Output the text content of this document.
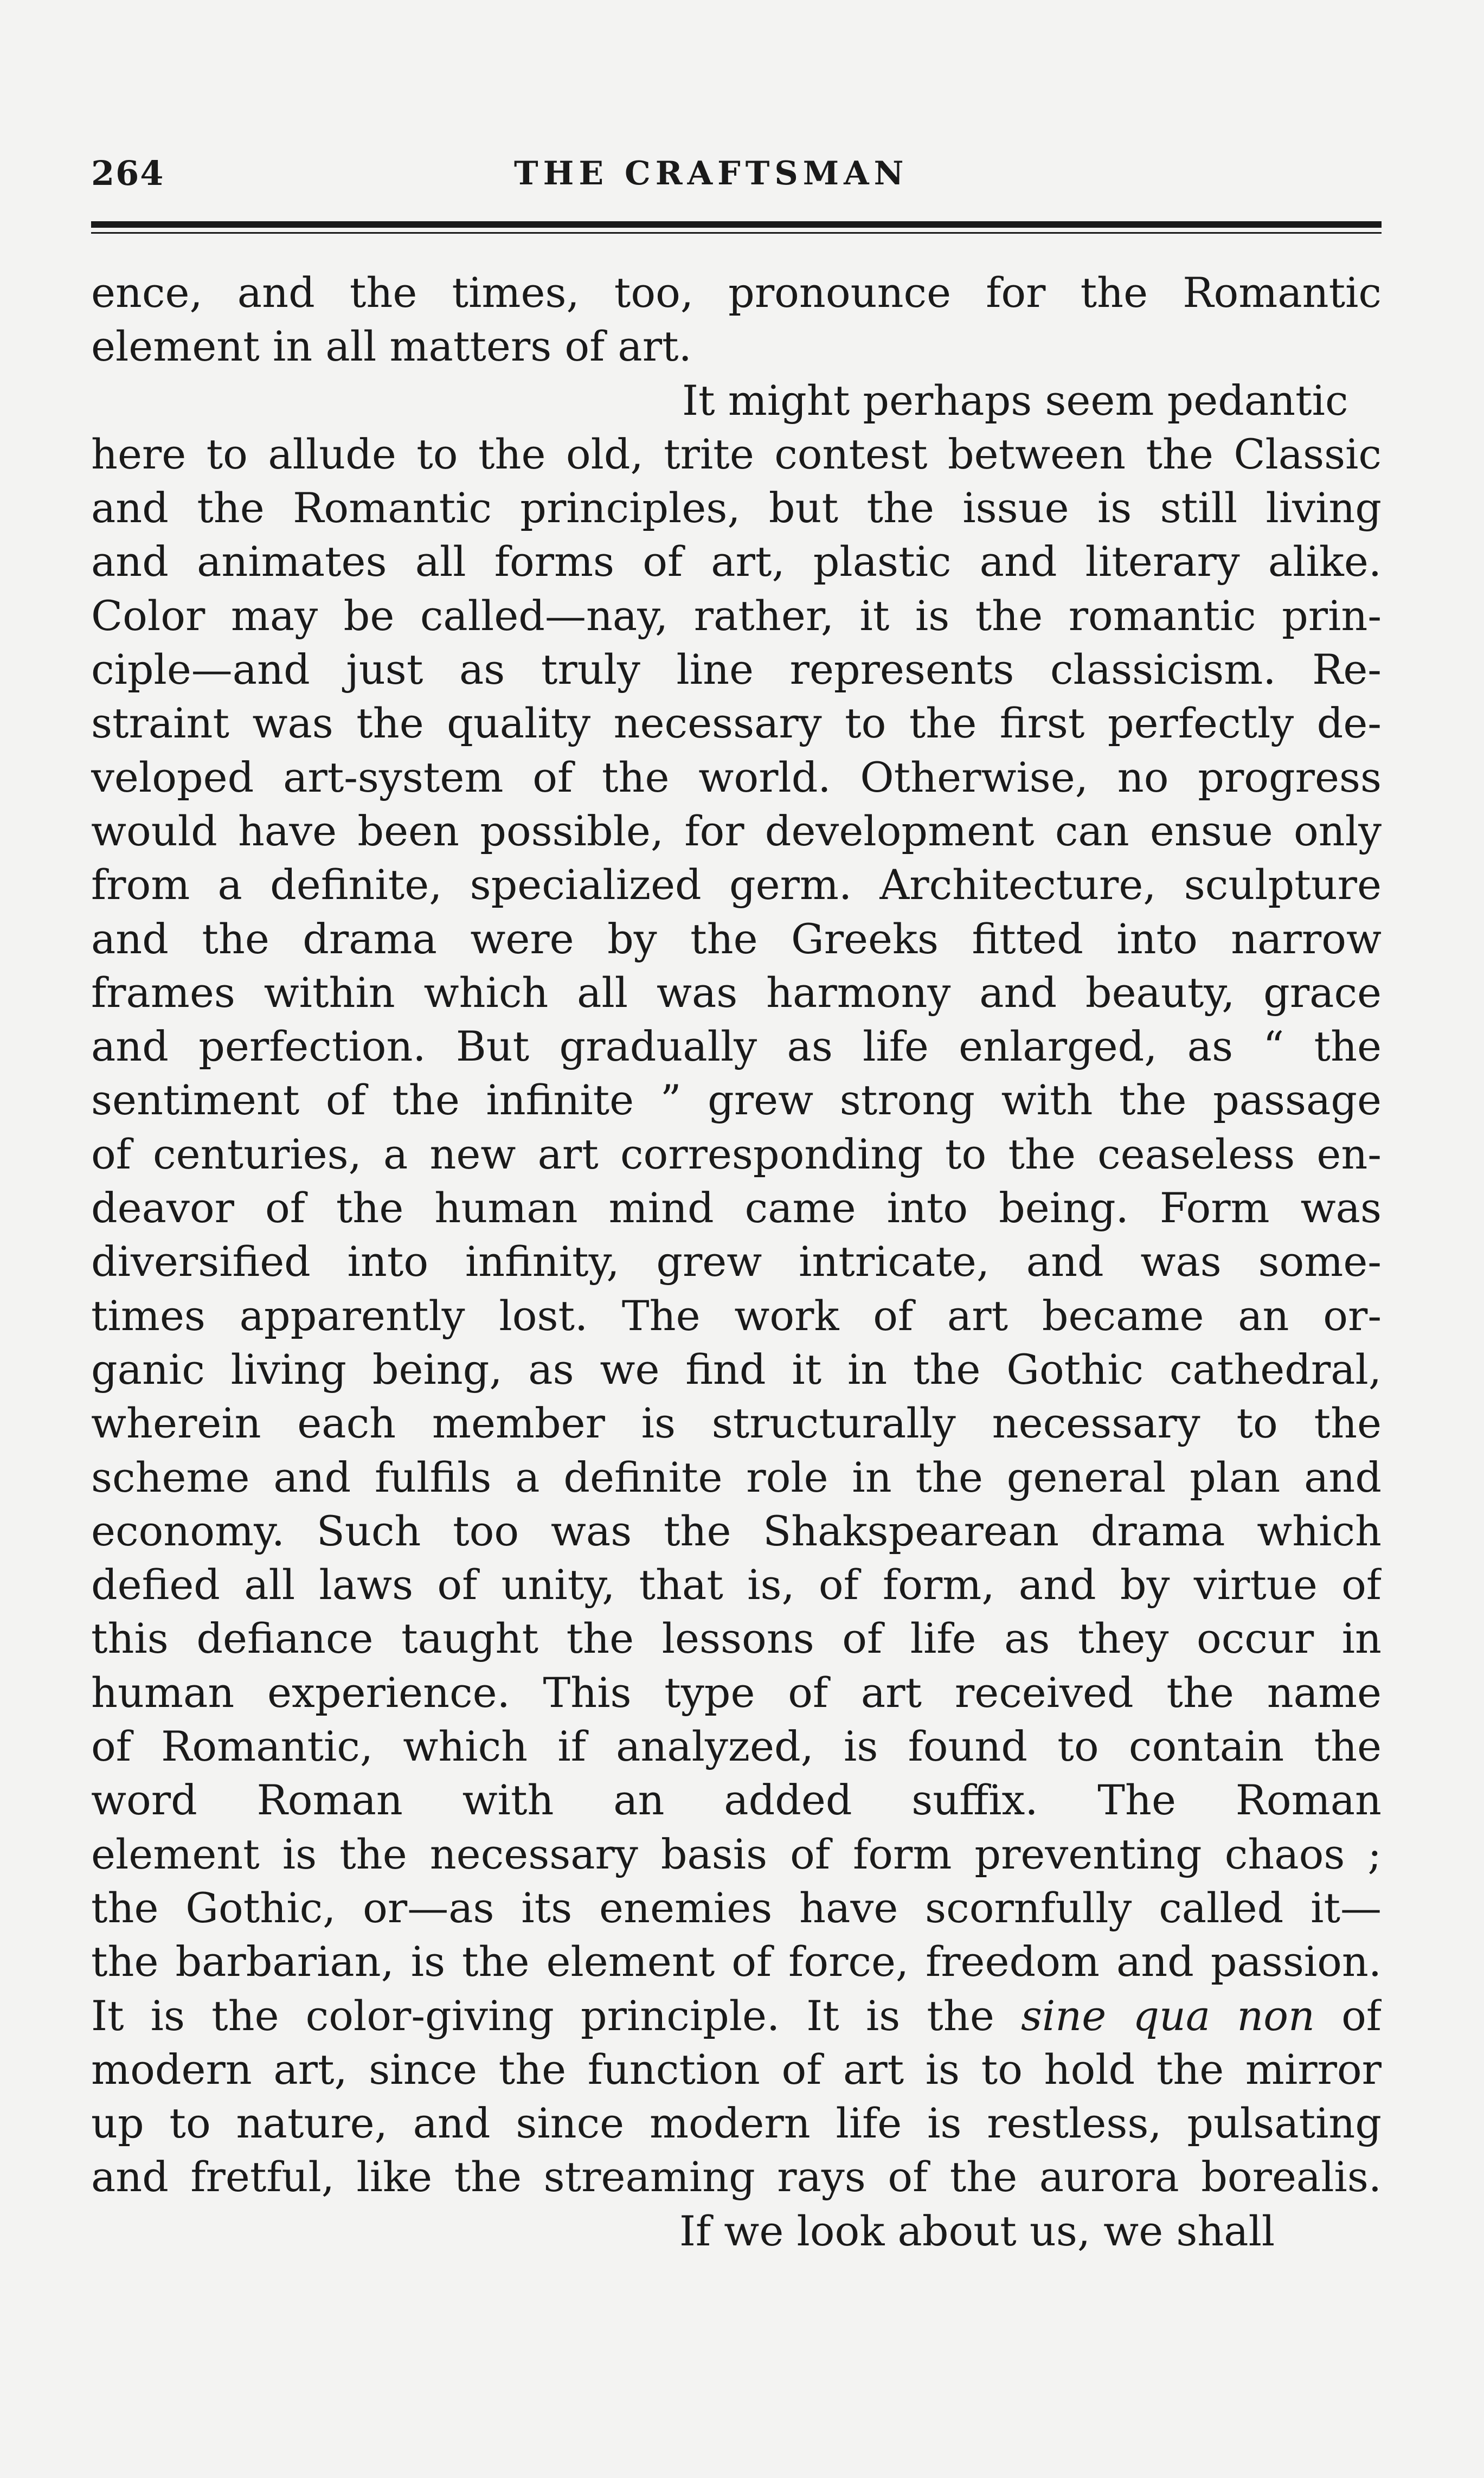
264	THE CRAFTSMAN
ence, and the times, too, pronounce for the Romantic
element in all matters of art.
It might perhaps seem pedantic
here to allude to the old, trite contest between the Classic
and the Romantic principles, but the issue is still living
and animates all forms of art, plastic and literary alike.
Color may be called—nay, rather, it is the romantic prin-
ciple—and just as truly line represents classicism. Re-
straint was the quality necessary to the first perfectly de-
veloped art-system of the world. Otherwise, no progress
would have been possible, for development can ensue only
from a definite, specialized germ. Architecture, sculpture
and the drama were by the Greeks fitted into narrow
frames within which all was harmony and beauty, grace
and perfection. But gradually as life enlarged, as “ the
sentiment of the infinite ” grew strong with the passage
of centuries, a new art corresponding to the ceaseless en-
deavor of the human mind came into being. Form was
diversified into infinity, grew intricate, and was some-
times apparently lost. The work of art became an or-
ganic living being, as we find it in the Gothic cathedral,
wherein each member is structurally necessary to the
scheme and fulfils a definite role in the general plan and
economy. Such too was the Shakspearean drama which
defied all laws of unity, that is, of form, and by virtue of
this defiance taught the lessons of life as they occur in
human experience. This type of art received the name
of Romantic, which if analyzed, is found to contain the
word Roman with an added suffix. The Roman
element is the necessary basis of form preventing chaos ;
the Gothic, or—as its enemies have scornfully called it—
the barbarian, is the element of force, freedom and passion.
It is the color-giving principle. It is the sine qua non of
modern art, since the function of art is to hold the mirror
up to nature, and since modern life is restless, pulsating
and fretful, like the streaming rays of the aurora borealis.
If we look about us, we shall
